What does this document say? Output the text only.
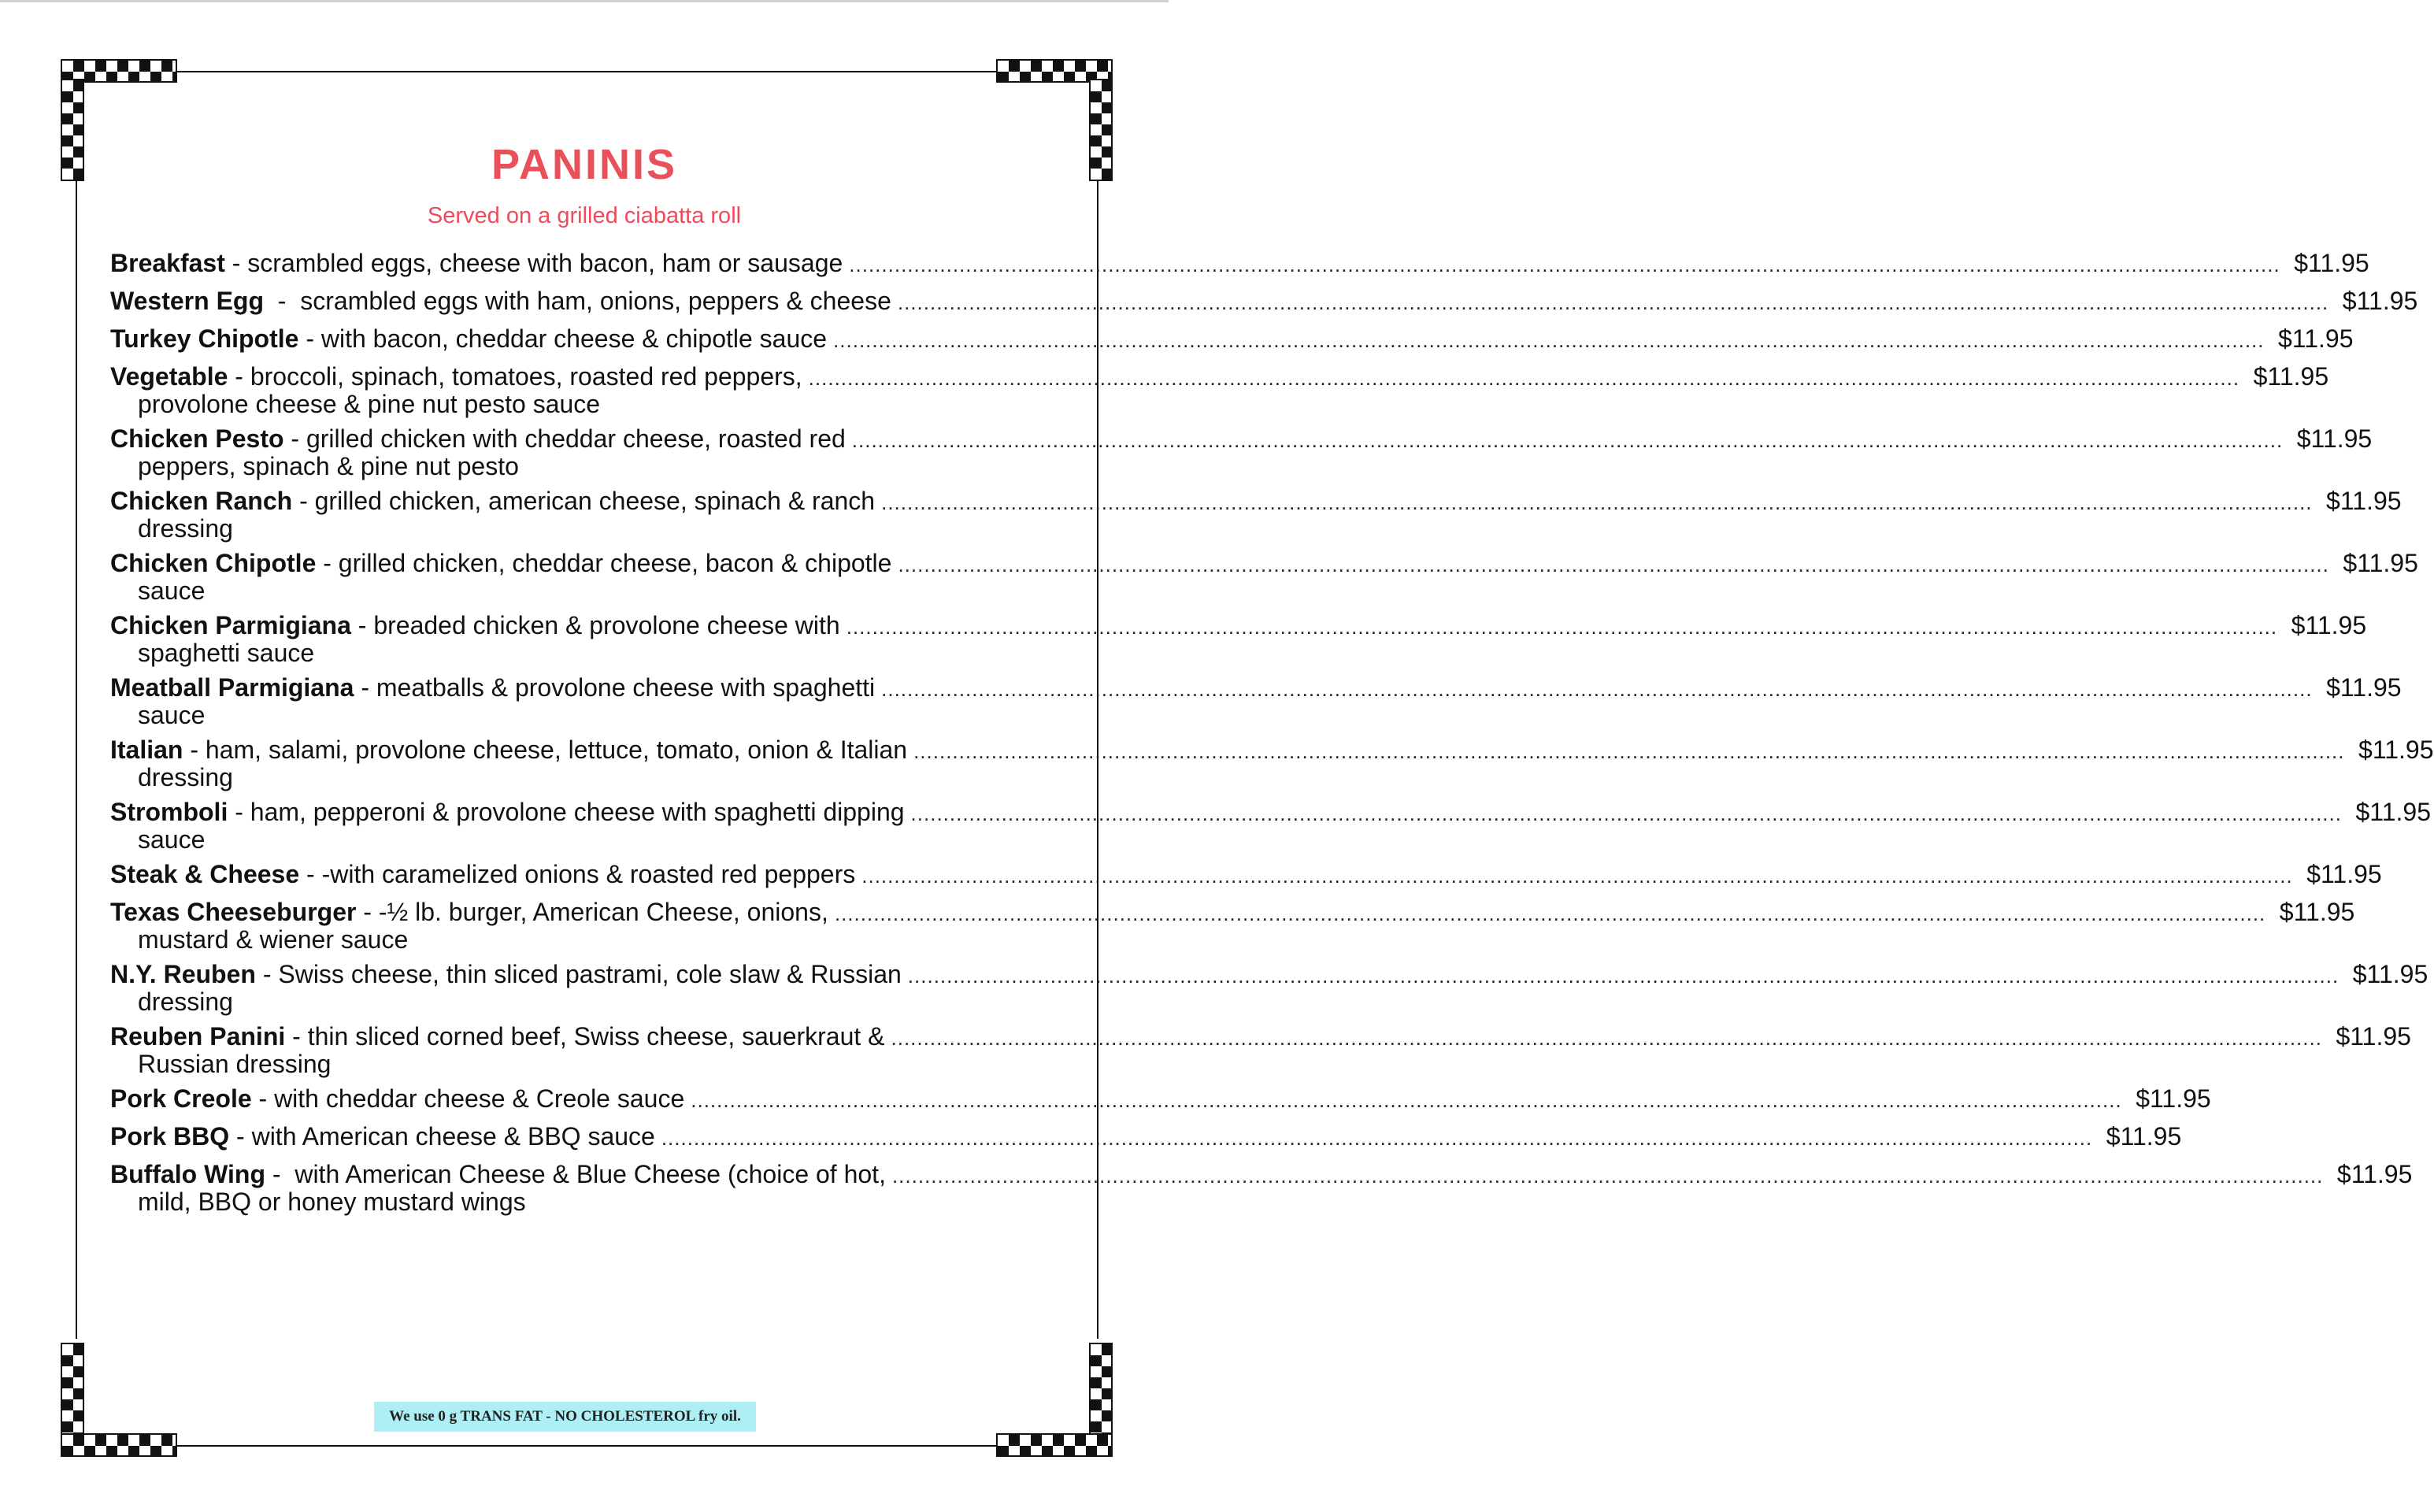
PANINIS
Served on a grilled ciabatta roll
Breakfast - scrambled eggs, cheese with bacon, ham or sausage .....	$11.95
Western Egg  -  scrambled eggs with ham, onions, peppers & cheese .....	$11.95
Turkey Chipotle - with bacon, cheddar cheese & chipotle sauce .....	$11.95
Vegetable - broccoli, spinach, tomatoes, roasted red peppers, .....	$11.95
provolone cheese & pine nut pesto sauce
Chicken Pesto - grilled chicken with cheddar cheese, roasted red .....	$11.95
peppers, spinach & pine nut pesto
Chicken Ranch - grilled chicken, american cheese, spinach & ranch .....	$11.95
dressing
Chicken Chipotle - grilled chicken, cheddar cheese, bacon & chipotle .....	$11.95
sauce
Chicken Parmigiana - breaded chicken & provolone cheese with .....	$11.95
spaghetti sauce
Meatball Parmigiana - meatballs & provolone cheese with spaghetti .....	$11.95
sauce
Italian - ham, salami, provolone cheese, lettuce, tomato, onion & Italian .....	$11.95
dressing
Stromboli - ham, pepperoni & provolone cheese with spaghetti dipping .....	$11.95
sauce
Steak & Cheese - -with caramelized onions & roasted red peppers .....	$11.95
Texas Cheeseburger - -½ lb. burger, American Cheese, onions, .....	$11.95
mustard & wiener sauce
N.Y. Reuben - Swiss cheese, thin sliced pastrami, cole slaw & Russian .....	$11.95
dressing
Reuben Panini - thin sliced corned beef, Swiss cheese, sauerkraut & .....	$11.95
Russian dressing
Pork Creole - with cheddar cheese & Creole sauce .....	$11.95
Pork BBQ - with American cheese & BBQ sauce .....	$11.95
Buffalo Wing -  with American Cheese & Blue Cheese (choice of hot, .....	$11.95
mild, BBQ or honey mustard wings
We use 0 g TRANS FAT - NO CHOLESTEROL fry oil.
